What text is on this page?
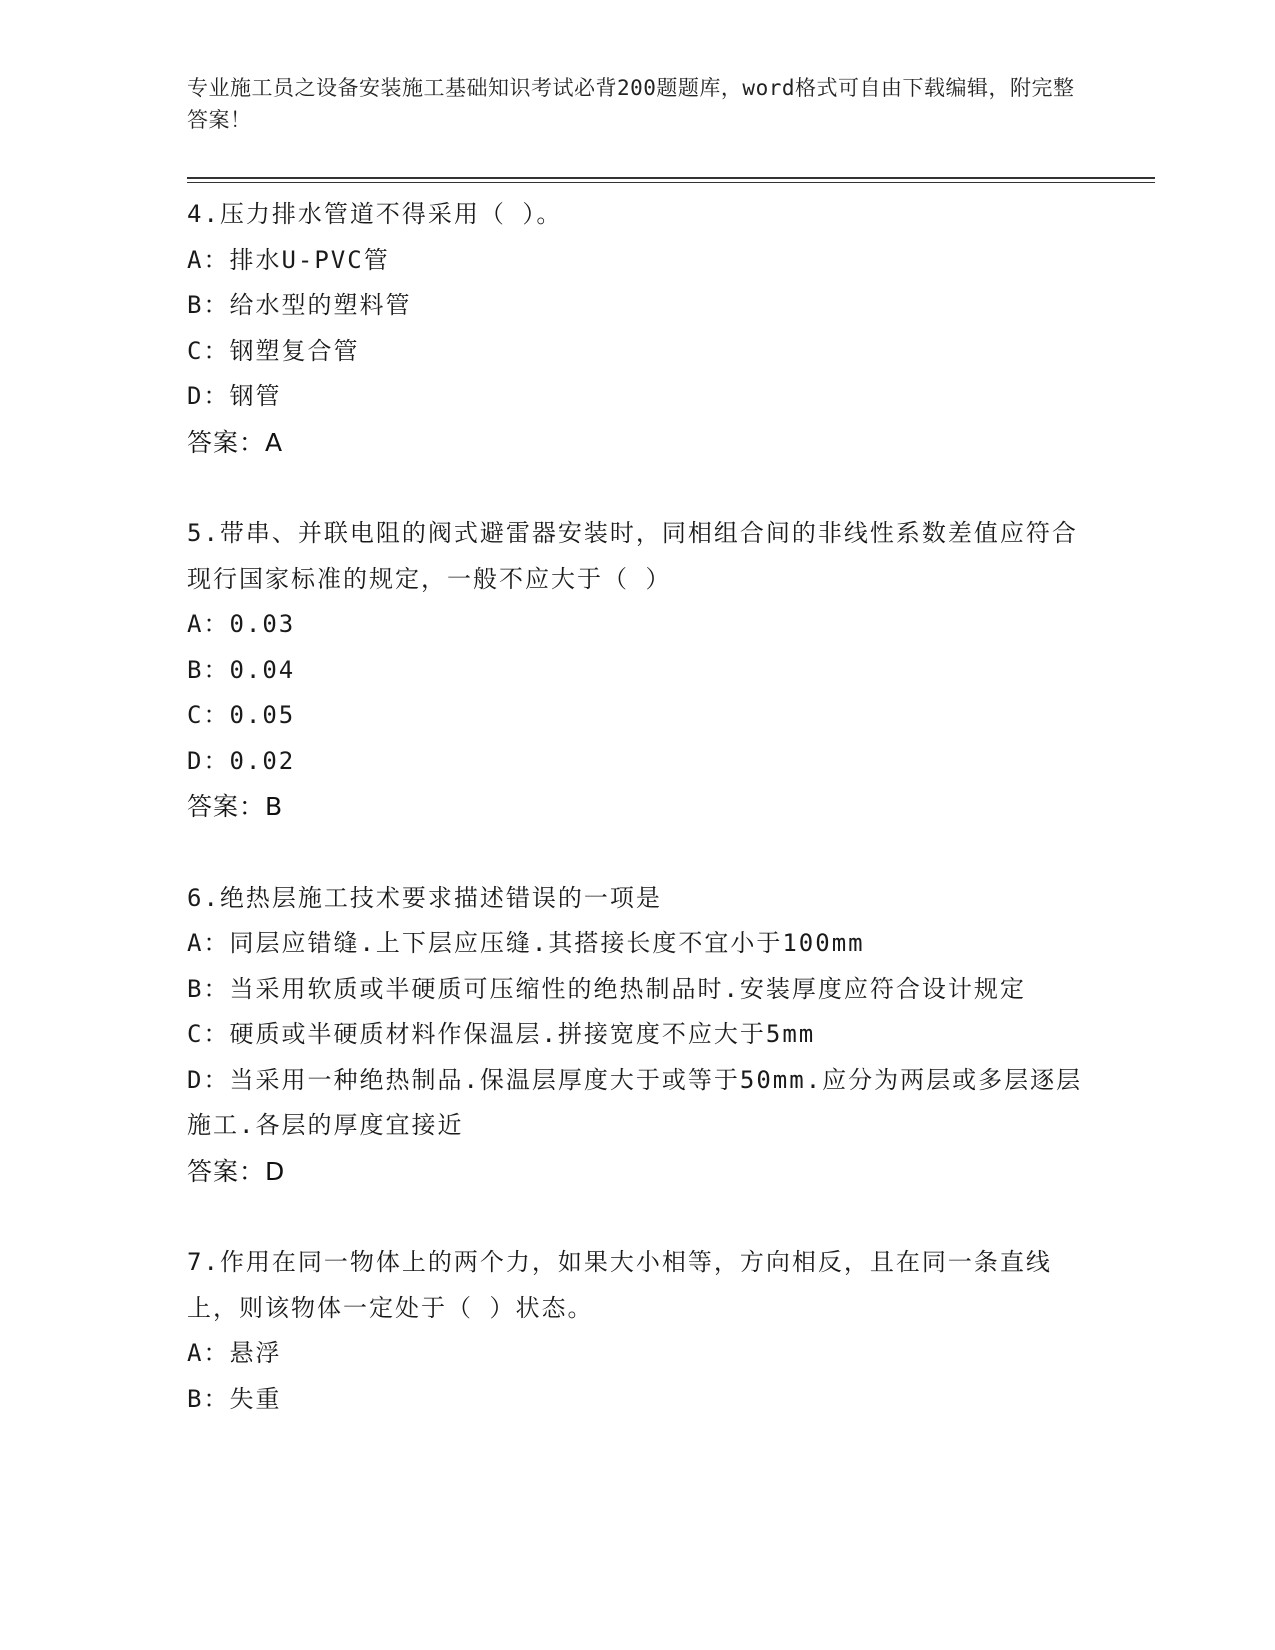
专业施工员之设备安装施工基础知识考试必背200题题库，word格式可自由下载编辑，附完整答案！
4.压力排水管道不得采用（ ）。
A：排水U-PVC管
B：给水型的塑料管
C：钢塑复合管
D：钢管
答案：A
5.带串、并联电阻的阀式避雷器安装时，同相组合间的非线性系数差值应符合现行国家标准的规定，一般不应大于（ ）
A：0.03
B：0.04
C：0.05
D：0.02
答案：B
6.绝热层施工技术要求描述错误的一项是
A：同层应错缝.上下层应压缝.其搭接长度不宜小于100mm
B：当采用软质或半硬质可压缩性的绝热制品时.安装厚度应符合设计规定
C：硬质或半硬质材料作保温层.拼接宽度不应大于5mm
D：当采用一种绝热制品.保温层厚度大于或等于50mm.应分为两层或多层逐层施工.各层的厚度宜接近
答案：D
7.作用在同一物体上的两个力，如果大小相等，方向相反，且在同一条直线上，则该物体一定处于（ ）状态。
A：悬浮
B：失重
